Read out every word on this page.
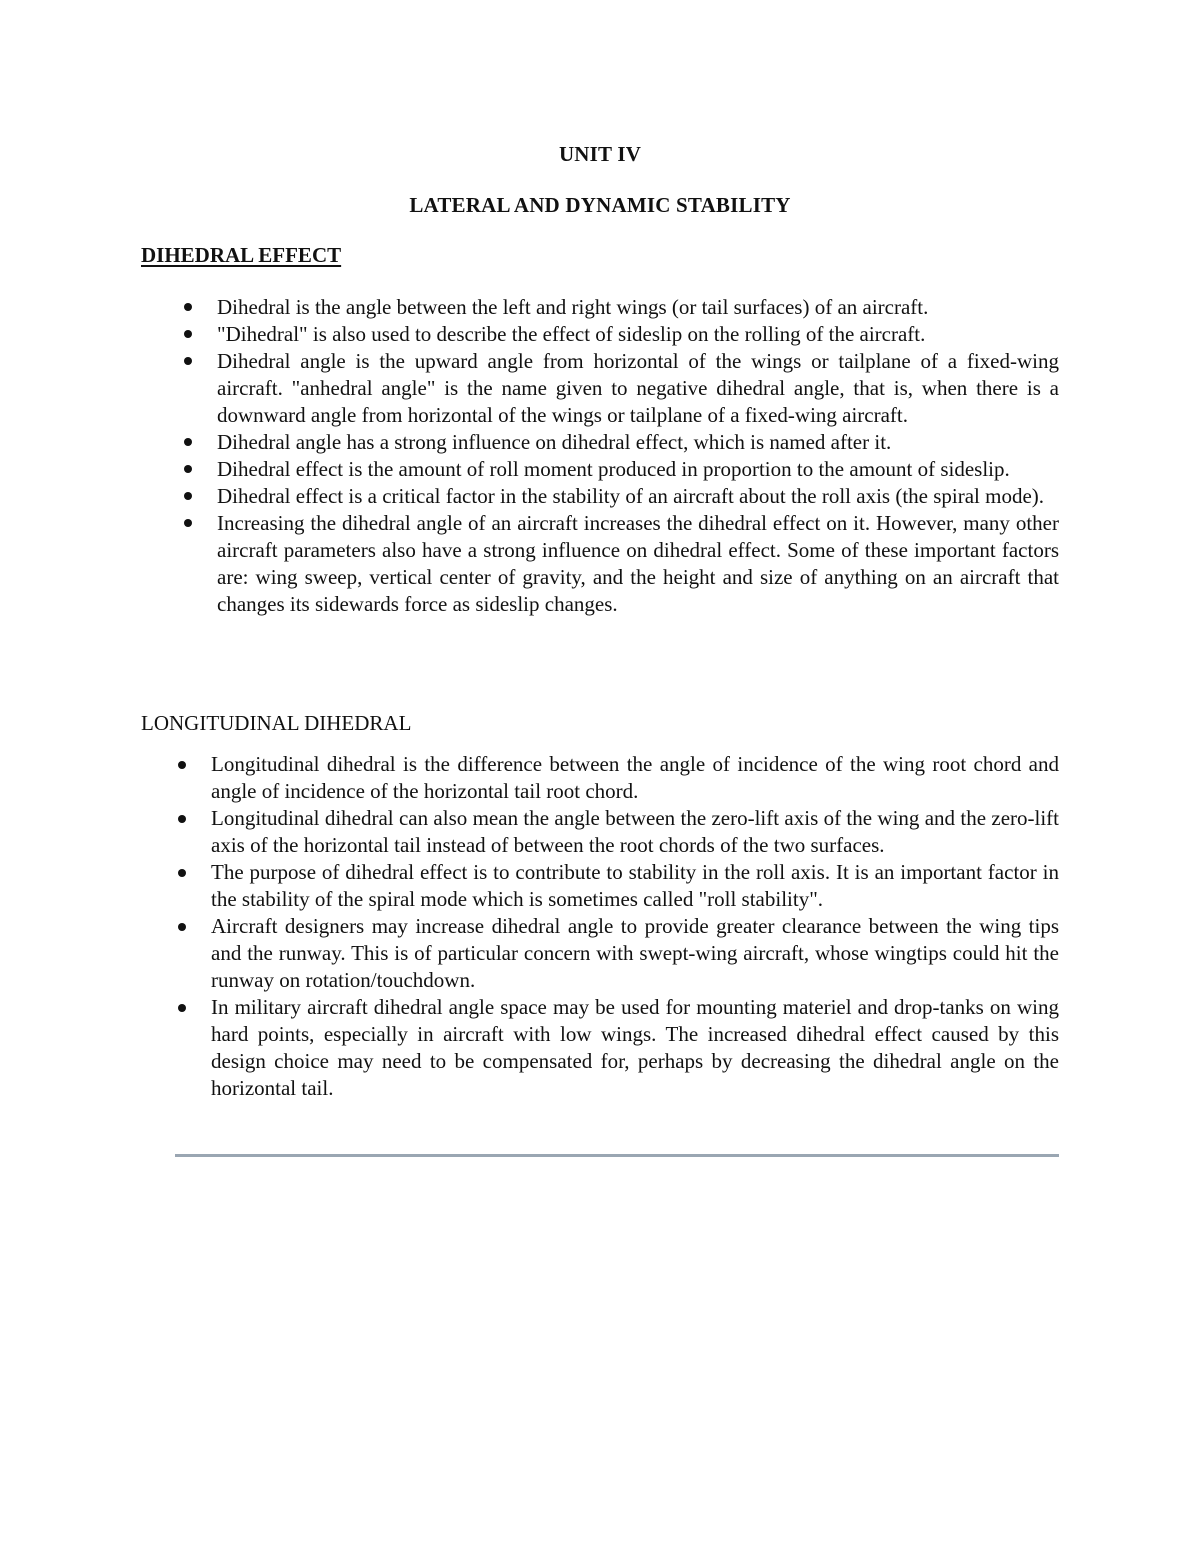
UNIT IV
LATERAL AND DYNAMIC STABILITY
DIHEDRAL EFFECT
Dihedral is the angle between the left and right wings (or tail surfaces) of an aircraft.
"Dihedral" is also used to describe the effect of sideslip on the rolling of the aircraft.
Dihedral angle is the upward angle from horizontal of the wings or tailplane of a fixed-wing aircraft. "anhedral angle" is the name given to negative dihedral angle, that is, when there is a downward angle from horizontal of the wings or tailplane of a fixed-wing aircraft.
Dihedral angle has a strong influence on dihedral effect, which is named after it.
Dihedral effect is the amount of roll moment produced in proportion to the amount of sideslip.
Dihedral effect is a critical factor in the stability of an aircraft about the roll axis (the spiral mode).
Increasing the dihedral angle of an aircraft increases the dihedral effect on it. However, many other aircraft parameters also have a strong influence on dihedral effect. Some of these important factors are: wing sweep, vertical center of gravity, and the height and size of anything on an aircraft that changes its sidewards force as sideslip changes.
LONGITUDINAL DIHEDRAL
Longitudinal dihedral is the difference between the angle of incidence of the wing root chord and angle of incidence of the horizontal tail root chord.
Longitudinal dihedral can also mean the angle between the zero-lift axis of the wing and the zero-lift axis of the horizontal tail instead of between the root chords of the two surfaces.
The purpose of dihedral effect is to contribute to stability in the roll axis. It is an important factor in the stability of the spiral mode which is sometimes called "roll stability".
Aircraft designers may increase dihedral angle to provide greater clearance between the wing tips and the runway. This is of particular concern with swept-wing aircraft, whose wingtips could hit the runway on rotation/touchdown.
In military aircraft dihedral angle space may be used for mounting materiel and drop-tanks on wing hard points, especially in aircraft with low wings. The increased dihedral effect caused by this design choice may need to be compensated for, perhaps by decreasing the dihedral angle on the horizontal tail.
